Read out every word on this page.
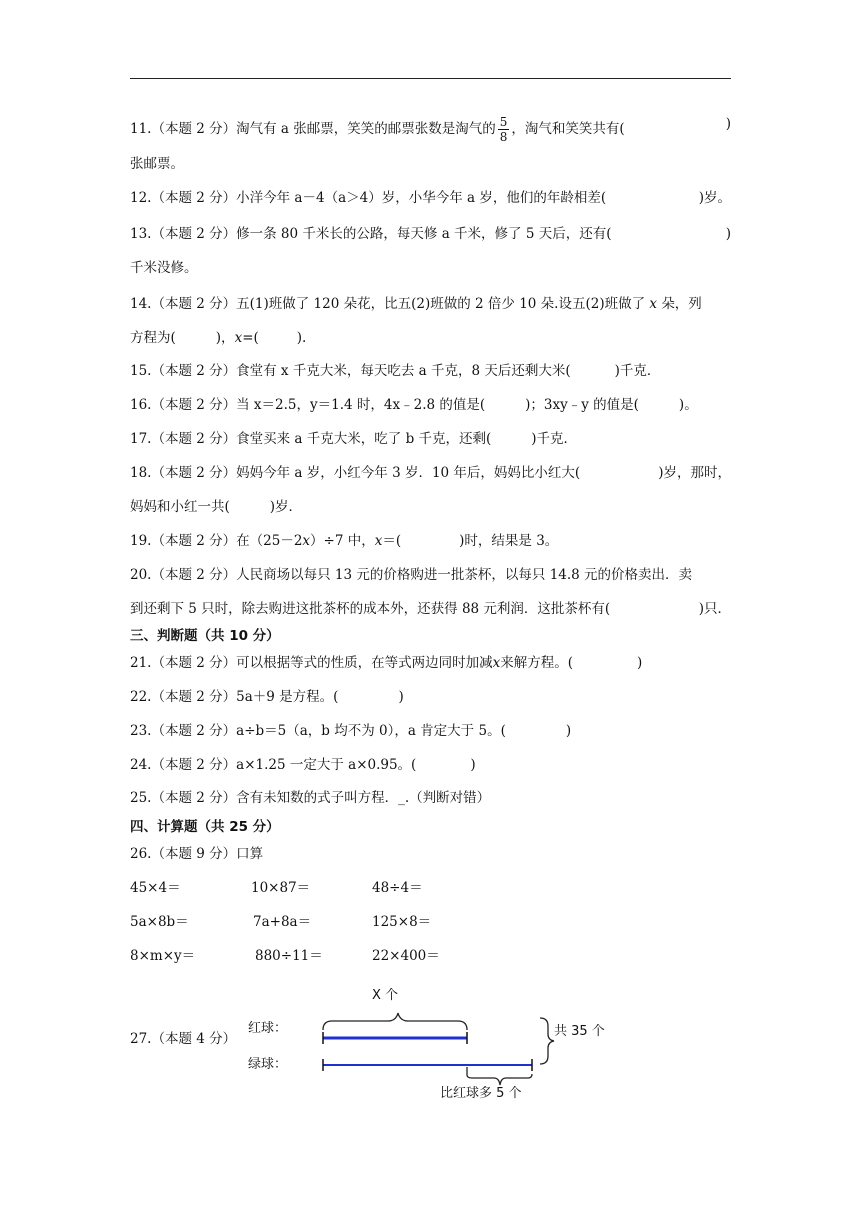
11.（本题 2 分）淘气有 a 张邮票，笑笑的邮票张数是淘气的 $\frac{5}{8}$ ，淘气和笑笑共有(	)
张邮票。
12.（本题 2 分）小洋今年 a－4（a＞4）岁，小华今年 a 岁，他们的年龄相差(	)岁。
13.（本题 2 分）修一条 80 千米长的公路，每天修 a 千米，修了 5 天后，还有(	)
千米没修。
14.（本题 2 分）五(1)班做了 120 朵花，比五(2)班做的 2 倍少 10 朵.设五(2)班做了 x 朵，列
方程为(	)，x=(	).
15.（本题 2 分）食堂有 x 千克大米，每天吃去 a 千克，8 天后还剩大米(	)千克．
16.（本题 2 分）当 x＝2.5，y＝1.4 时，4x﹣2.8 的值是(	)；3xy﹣y 的值是(	)。
17.（本题 2 分）食堂买来 a 千克大米，吃了 b 千克，还剩(	)千克．
18.（本题 2 分）妈妈今年 a 岁，小红今年 3 岁．10 年后，妈妈比小红大(	)岁，那时，
妈妈和小红一共(	)岁．
19.（本题 2 分）在（25－2x）÷7 中，x＝(	)时，结果是 3。
20.（本题 2 分）人民商场以每只 13 元的价格购进一批茶杯，以每只 14.8 元的价格卖出．卖
到还剩下 5 只时，除去购进这批茶杯的成本外，还获得 88 元利润．这批茶杯有(	)只．
三、判断题（共 10 分）
21.（本题 2 分）可以根据等式的性质，在等式两边同时加减x来解方程。(	)
22.（本题 2 分）5a＋9 是方程。(	)
23.（本题 2 分）a÷b＝5（a，b 均不为 0），a 肯定大于 5。(	)
24.（本题 2 分）a×1.25 一定大于 a×0.95。(	)
25.（本题 2 分）含有未知数的式子叫方程．_.（判断对错）
四、计算题（共 25 分）
26.（本题 9 分）口算
45×4＝	10×87＝	48÷4＝
5a×8b＝	7a+8a＝	125×8＝
8×m×y＝	880÷11＝	22×400＝
27.（本题 4 分）
X 个
红球：
绿球：
共 35 个
比红球多 5 个
